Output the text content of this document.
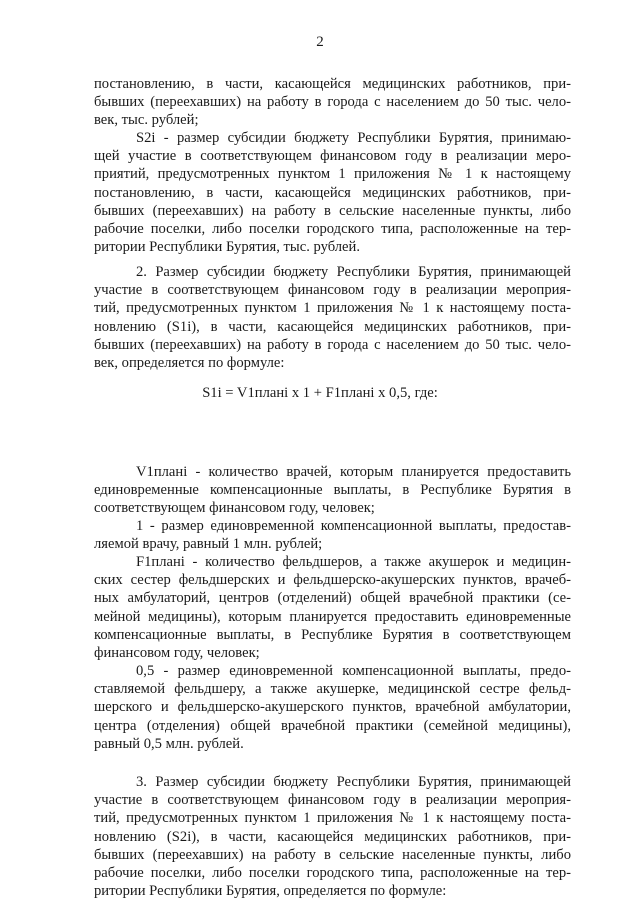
2
постановлению, в части, касающейся медицинских работников, при-
бывших (переехавших) на работу в города с населением до 50 тыс. чело-
век, тыс. рублей;
S2i - размер субсидии бюджету Республики Бурятия, принимаю-
щей участие в соответствующем финансовом году в реализации меро-
приятий, предусмотренных пунктом 1 приложения № 1 к настоящему
постановлению, в части, касающейся медицинских работников, при-
бывших (переехавших) на работу в сельские населенные пункты, либо
рабочие поселки, либо поселки городского типа, расположенные на тер-
ритории Республики Бурятия, тыс. рублей.
2. Размер субсидии бюджету Республики Бурятия, принимающей
участие в соответствующем финансовом году в реализации мероприя-
тий, предусмотренных пунктом 1 приложения № 1 к настоящему поста-
новлению (S1i), в части, касающейся медицинских работников, при-
бывших (переехавших) на работу в города с населением до 50 тыс. чело-
век, определяется по формуле:
S1i = V1планi x 1 + F1планi x 0,5, где:
V1планi - количество врачей, которым планируется предоставить
единовременные компенсационные выплаты, в Республике Бурятия в
соответствующем финансовом году, человек;
1 - размер единовременной компенсационной выплаты, предостав-
ляемой врачу, равный 1 млн. рублей;
F1планi - количество фельдшеров, а также акушерок и медицин-
ских сестер фельдшерских и фельдшерско-акушерских пунктов, врачеб-
ных амбулаторий, центров (отделений) общей врачебной практики (се-
мейной медицины), которым планируется предоставить единовременные
компенсационные выплаты, в Республике Бурятия в соответствующем
финансовом году, человек;
0,5 - размер единовременной компенсационной выплаты, предо-
ставляемой фельдшеру, а также акушерке, медицинской сестре фельд-
шерского и фельдшерско-акушерского пунктов, врачебной амбулатории,
центра (отделения) общей врачебной практики (семейной медицины),
равный 0,5 млн. рублей.
3. Размер субсидии бюджету Республики Бурятия, принимающей
участие в соответствующем финансовом году в реализации мероприя-
тий, предусмотренных пунктом 1 приложения № 1 к настоящему поста-
новлению (S2i), в части, касающейся медицинских работников, при-
бывших (переехавших) на работу в сельские населенные пункты, либо
рабочие поселки, либо поселки городского типа, расположенные на тер-
ритории Республики Бурятия, определяется по формуле:
